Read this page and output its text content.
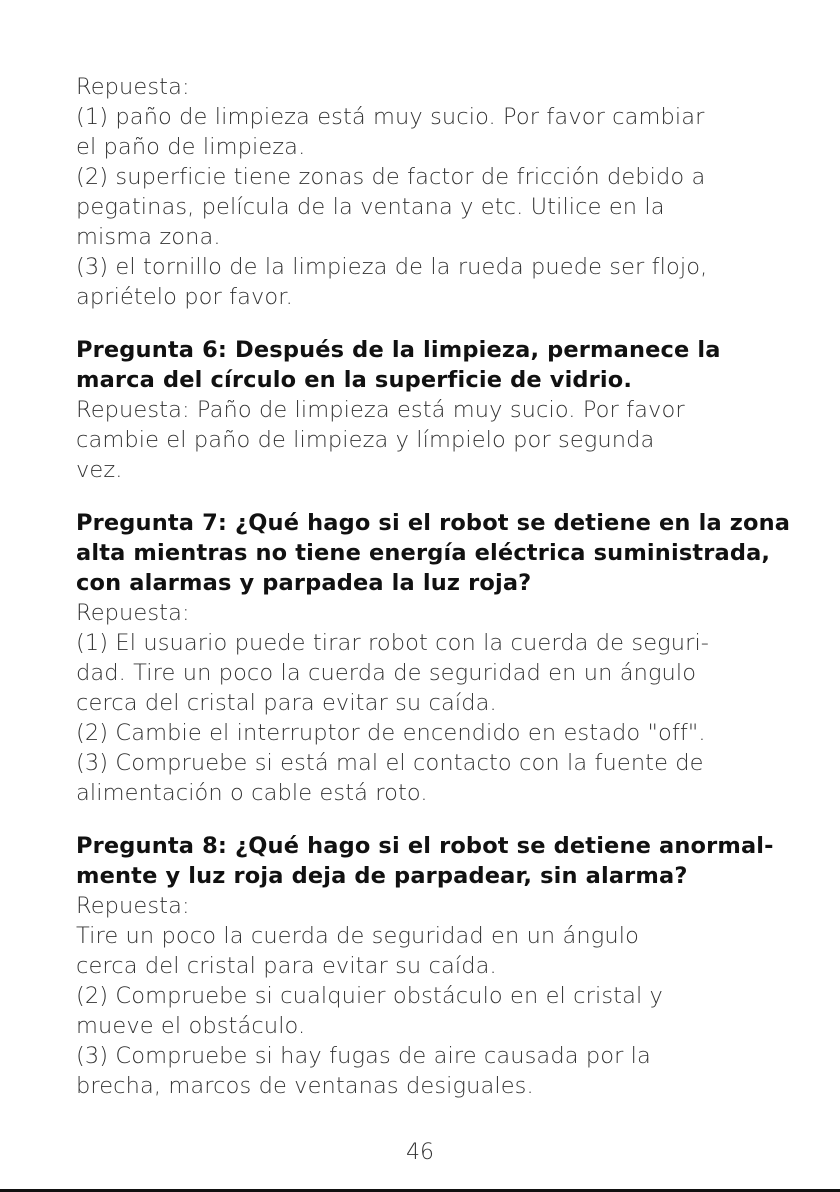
Repuesta:
(1) paño de limpieza está muy sucio. Por favor cambiar
el paño de limpieza.
(2) superficie tiene zonas de factor de fricción debido a
pegatinas, película de la ventana y etc. Utilice en la
misma zona.
(3) el tornillo de la limpieza de la rueda puede ser flojo,
apriételo por favor.
Pregunta 6: Después de la limpieza, permanece la
marca del círculo en la superficie de vidrio.
Repuesta: Paño de limpieza está muy sucio. Por favor
cambie el paño de limpieza y límpielo por segunda
vez.
Pregunta 7: ¿Qué hago si el robot se detiene en la zona
alta mientras no tiene energía eléctrica suministrada,
con alarmas y parpadea la luz roja?
Repuesta:
(1) El usuario puede tirar robot con la cuerda de seguri-
dad. Tire un poco la cuerda de seguridad en un ángulo
cerca del cristal para evitar su caída.
(2) Cambie el interruptor de encendido en estado "off".
(3) Compruebe si está mal el contacto con la fuente de
alimentación o cable está roto.
Pregunta 8: ¿Qué hago si el robot se detiene anormal-
mente y luz roja deja de parpadear, sin alarma?
Repuesta:
Tire un poco la cuerda de seguridad en un ángulo
cerca del cristal para evitar su caída.
(2) Compruebe si cualquier obstáculo en el cristal y
mueve el obstáculo.
(3) Compruebe si hay fugas de aire causada por la
brecha, marcos de ventanas desiguales.
46
